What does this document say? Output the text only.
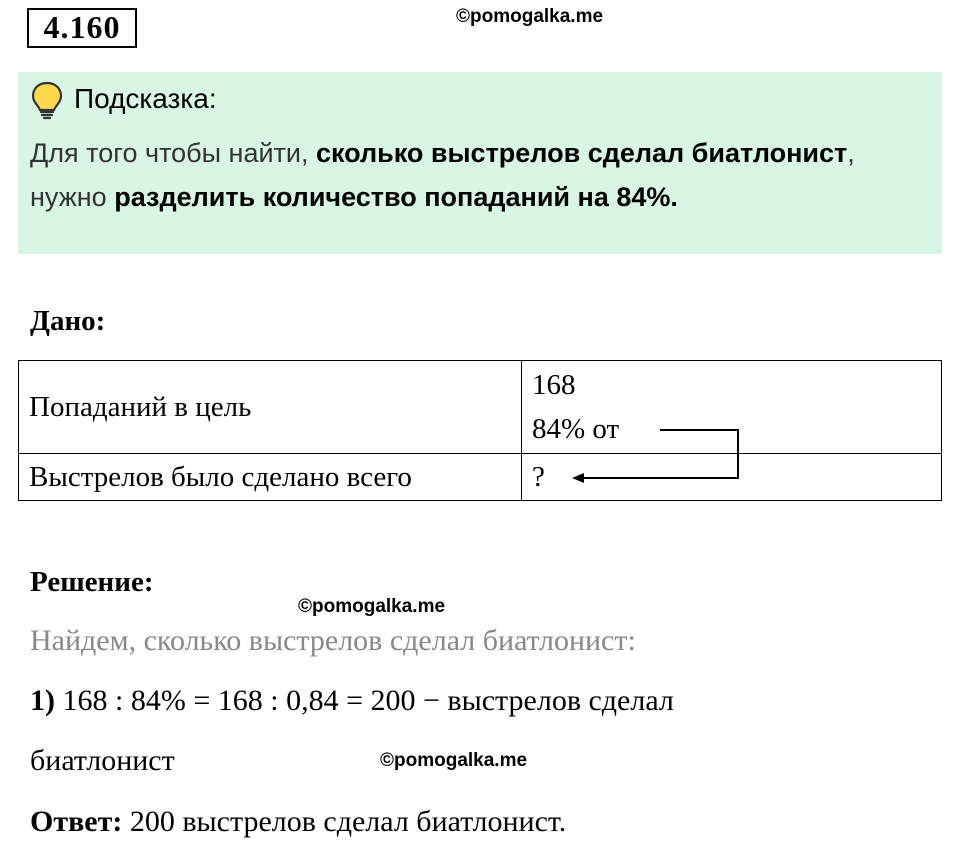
4.160	©pomogalka.me
Подсказка:
Для того чтобы найти, сколько выстрелов сделал биатлонист,
нужно разделить количество попаданий на 84%.
Дано:
Попаданий в цель	168
84% от

Выстрелов было сделано всего	?
Решение:
©pomogalka.me
Найдем, сколько выстрелов сделал биатлонист:
1) 168 : 84% = 168 : 0,84 = 200 − выстрелов сделал
биатлонист	©pomogalka.me
Ответ: 200 выстрелов сделал биатлонист.
